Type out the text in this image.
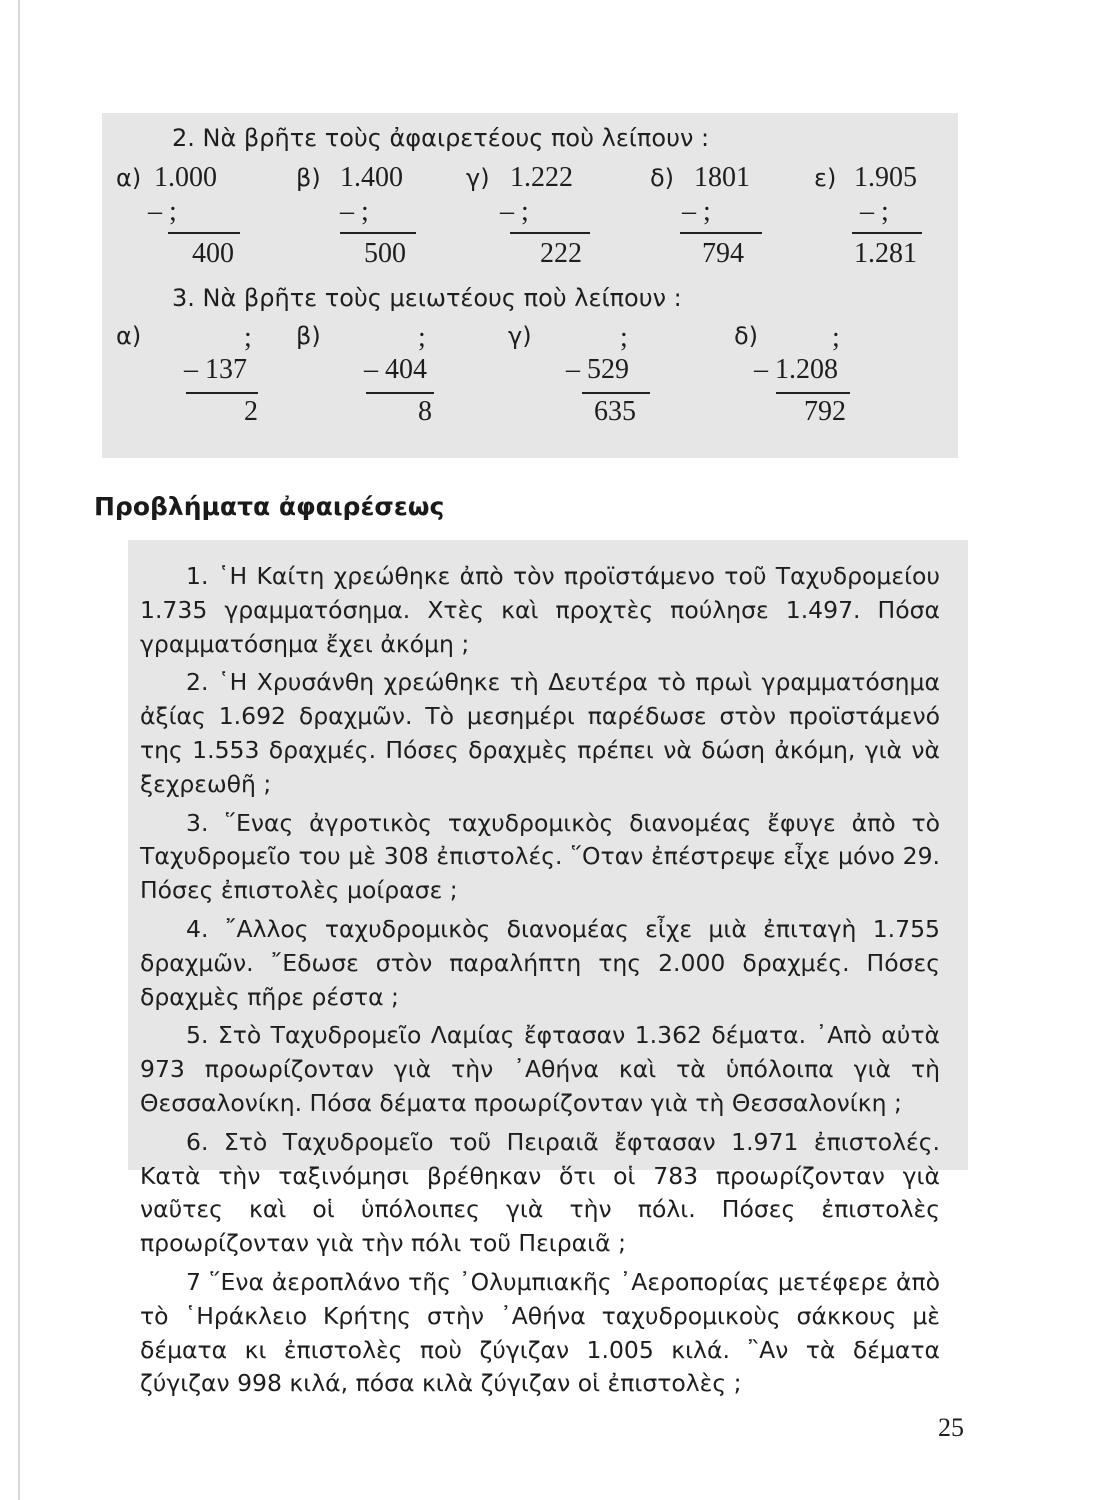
2. Νὰ βρῆτε τοὺς ἀφαιρετέους ποὺ λείπουν :
α) 1.000
– ;
400
β) 1.400
– ;
500
γ) 1.222
– ;
222
δ) 1801
– ;
794
ε) 1.905
– ;
1.281
3. Νὰ βρῆτε τοὺς μειωτέους ποὺ λείπουν :
α)	;
– 137
2
β)	;
– 404
8
γ)	;
– 529
635
δ)	;
– 1.208
792
Προβλήματα ἀφαιρέσεως

1. ῾Η Καίτη χρεώθηκε ἀπὸ τὸν προϊστάμενο τοῦ Ταχυδρομείου 1.735 γραμματόσημα. Χτὲς καὶ προχτὲς πούλησε 1.497. Πόσα γραμματόσημα ἔχει ἀκόμη ;

2. ῾Η Χρυσάνθη χρεώθηκε τὴ Δευτέρα τὸ πρωὶ γραμματόσημα ἀξίας 1.692 δραχμῶν. Τὸ μεσημέρι παρέδωσε στὸν προϊστάμενό της 1.553 δραχμές. Πόσες δραχμὲς πρέπει νὰ δώση ἀκόμη, γιὰ νὰ ξεχρεωθῆ ;

3. ῞Ενας ἀγροτικὸς ταχυδρομικὸς διανομέας ἔφυγε ἀπὸ τὸ Ταχυδρομεῖο του μὲ 308 ἐπιστολές. ῞Οταν ἐπέστρεψε εἶχε μόνο 29. Πόσες ἐπιστολὲς μοίρασε ;

4. ῎Αλλος ταχυδρομικὸς διανομέας εἶχε μιὰ ἐπιταγὴ 1.755 δραχμῶν. ῎Εδωσε στὸν παραλήπτη της 2.000 δραχμές. Πόσες δραχμὲς πῆρε ρέστα ;

5. Στὸ Ταχυδρομεῖο Λαμίας ἔφτασαν 1.362 δέματα. ᾿Απὸ αὐτὰ 973 προωρίζονταν γιὰ τὴν ᾿Αθήνα καὶ τὰ ὑπόλοιπα γιὰ τὴ Θεσσαλονίκη. Πόσα δέματα προωρίζονταν γιὰ τὴ Θεσσαλονίκη ;

6. Στὸ Ταχυδρομεῖο τοῦ Πειραιᾶ ἔφτασαν 1.971 ἐπιστολές. Κατὰ τὴν ταξινόμησι βρέθηκαν ὅτι οἱ 783 προωρίζονταν γιὰ ναῦτες καὶ οἱ ὑπόλοιπες γιὰ τὴν πόλι. Πόσες ἐπιστολὲς προωρίζονταν γιὰ τὴν πόλι τοῦ Πειραιᾶ ;

7 ῞Ενα ἀεροπλάνο τῆς ᾿Ολυμπιακῆς ᾿Αεροπορίας μετέφερε ἀπὸ τὸ ῾Ηράκλειο Κρήτης στὴν ᾿Αθήνα ταχυδρομικοὺς σάκκους μὲ δέματα κι ἐπιστολὲς ποὺ ζύγιζαν 1.005 κιλά. ῍Αν τὰ δέματα ζύγιζαν 998 κιλά, πόσα κιλὰ ζύγιζαν οἱ ἐπιστολὲς ;

25
